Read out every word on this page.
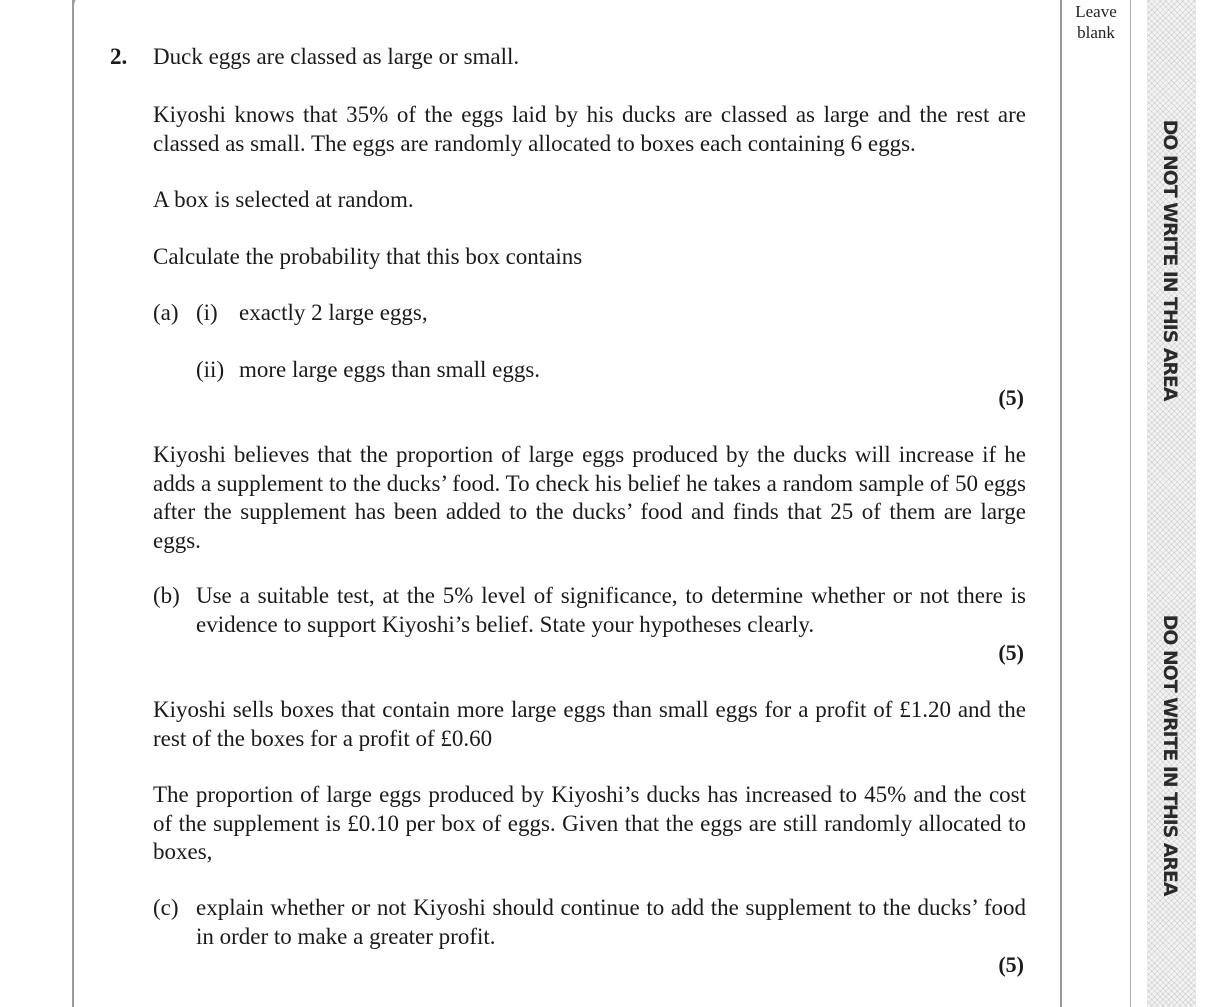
DO NOT WRITE IN THIS AREA
DO NOT WRITE IN THIS AREA
Leave blank
2. Duck eggs are classed as large or small.
Kiyoshi knows that 35% of the eggs laid by his ducks are classed as large and the rest are classed as small. The eggs are randomly allocated to boxes each containing 6 eggs.
A box is selected at random.
Calculate the probability that this box contains
(a) (i) exactly 2 large eggs,
(ii) more large eggs than small eggs.
(5)
Kiyoshi believes that the proportion of large eggs produced by the ducks will increase if he adds a supplement to the ducks’ food. To check his belief he takes a random sample of 50 eggs after the supplement has been added to the ducks’ food and finds that 25 of them are large eggs.
(b) Use a suitable test, at the 5% level of significance, to determine whether or not there is evidence to support Kiyoshi’s belief. State your hypotheses clearly.
(5)
Kiyoshi sells boxes that contain more large eggs than small eggs for a profit of £1.20 and the rest of the boxes for a profit of £0.60
The proportion of large eggs produced by Kiyoshi’s ducks has increased to 45% and the cost of the supplement is £0.10 per box of eggs. Given that the eggs are still randomly allocated to boxes,
(c) explain whether or not Kiyoshi should continue to add the supplement to the ducks’ food in order to make a greater profit.
(5)
